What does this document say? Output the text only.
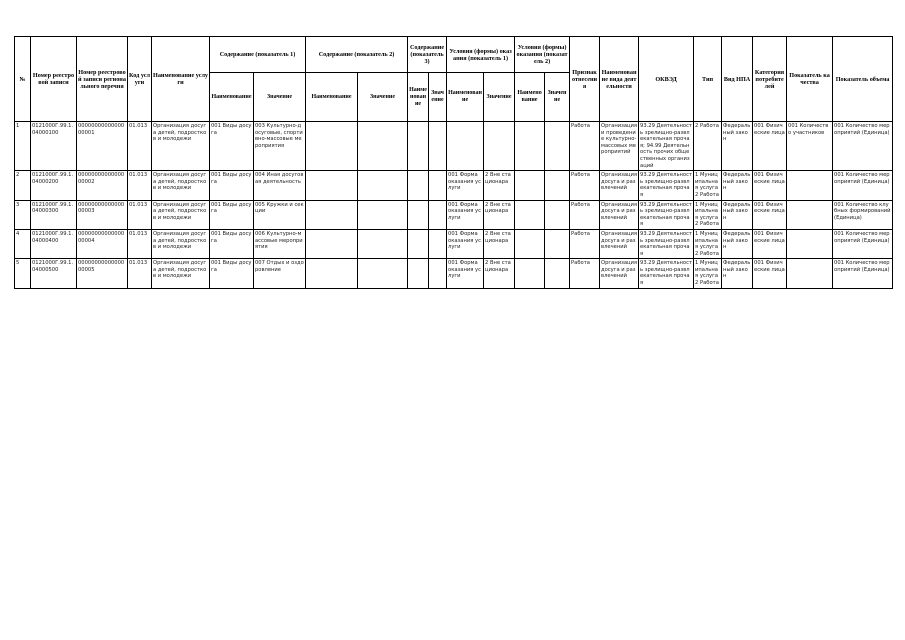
№	Номер реестровой записи	Номер реестровой записи регионального перечня	Код услуги	Наименование услуги	Содержание (показатель 1)		Содержание (показатель 2)		Содержание (показатель 3)		Условия (формы) оказания (показатель 1)		Условия (формы) оказания (показатель 2)		Признак отнесения	Наименование вида деятельности	ОКВЭД	Тип	Вид НПА	Категория потребителей	Показатель качества	Показатель объема
					Наименование	Значение	Наименование	Значение	Наименование	Значение	Наименование	Значение	Наименование	Значение								
1	0121000Г.99.1.04000100	0000000000000000001	01.013	Организация досуга детей, подростков и молодежи	001 Виды досуга	003 Культурно-досуговые, спортивно-массовые мероприятия									Работа	Организация и проведение культурно-массовых мероприятий	93.29 Деятельность зрелищно-развлекательная прочая; 94.99 Деятельность прочих общественных организаций	2 Работа	Федеральный закон	001 Физические лица	001 Количество участников	001 Количество мероприятий (Единица)
2	0121000Г.99.1.04000200	0000000000000000002	01.013	Организация досуга детей, подростков и молодежи	001 Виды досуга	004 Иная досуговая деятельность					001 Форма оказания услуги	2 Вне стационара			Работа	Организация досуга и развлечений	93.29 Деятельность зрелищно-развлекательная прочая	1 Муниципальная услуга 2 Работа	Федеральный закон	001 Физические лица		001 Количество мероприятий (Единица)
3	0121000Г.99.1.04000300	0000000000000000003	01.013	Организация досуга детей, подростков и молодежи	001 Виды досуга	005 Кружки и секции					001 Форма оказания услуги	2 Вне стационара			Работа	Организация досуга и развлечений	93.29 Деятельность зрелищно-развлекательная прочая	1 Муниципальная услуга 2 Работа	Федеральный закон	001 Физические лица		001 Количество клубных формирований (Единица)
4	0121000Г.99.1.04000400	0000000000000000004	01.013	Организация досуга детей, подростков и молодежи	001 Виды досуга	006 Культурно-массовые мероприятия					001 Форма оказания услуги	2 Вне стационара			Работа	Организация досуга и развлечений	93.29 Деятельность зрелищно-развлекательная прочая	1 Муниципальная услуга 2 Работа	Федеральный закон	001 Физические лица		001 Количество мероприятий (Единица)
5	0121000Г.99.1.04000500	0000000000000000005	01.013	Организация досуга детей, подростков и молодежи	001 Виды досуга	007 Отдых и оздоровление					001 Форма оказания услуги	2 Вне стационара			Работа	Организация досуга и развлечений	93.29 Деятельность зрелищно-развлекательная прочая	1 Муниципальная услуга 2 Работа	Федеральный закон	001 Физические лица		001 Количество мероприятий (Единица)
